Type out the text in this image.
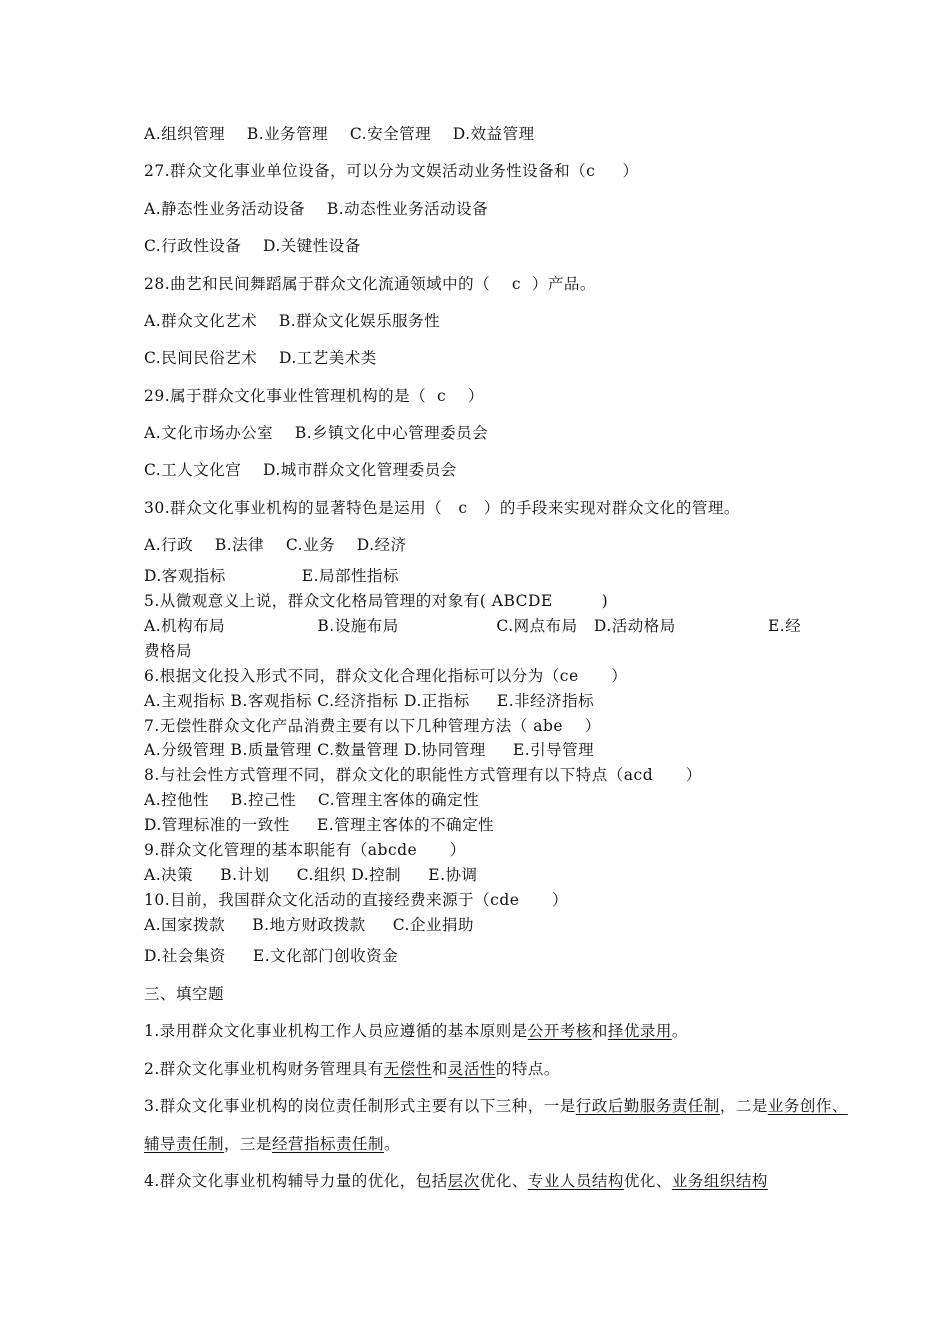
A.组织管理    B.业务管理    C.安全管理    D.效益管理
27.群众文化事业单位设备，可以分为文娱活动业务性设备和（c     ）
A.静态性业务活动设备    B.动态性业务活动设备
C.行政性设备    D.关键性设备
28.曲艺和民间舞蹈属于群众文化流通领域中的（    c  ）产品。
A.群众文化艺术    B.群众文化娱乐服务性
C.民间民俗艺术    D.工艺美术类
29.属于群众文化事业性管理机构的是（  c    ）
A.文化市场办公室    B.乡镇文化中心管理委员会
C.工人文化宫    D.城市群众文化管理委员会
30.群众文化事业机构的显著特色是运用（   c   ）的手段来实现对群众文化的管理。
A.行政    B.法律    C.业务    D.经济
D.客观指标              E.局部性指标
5.从微观意义上说，群众文化格局管理的对象有( ABCDE         )
A.机构布局                 B.设施布局                  C.网点布局   D.活动格局                 E.经
费格局
6.根据文化投入形式不同，群众文化合理化指标可以分为（ce      ）
A.主观指标 B.客观指标 C.经济指标 D.正指标     E.非经济指标
7.无偿性群众文化产品消费主要有以下几种管理方法（ abe    ）
A.分级管理 B.质量管理 C.数量管理 D.协同管理     E.引导管理
8.与社会性方式管理不同，群众文化的职能性方式管理有以下特点（acd      ）
A.控他性    B.控己性    C.管理主客体的确定性
D.管理标准的一致性     E.管理主客体的不确定性
9.群众文化管理的基本职能有（abcde      ）
A.决策     B.计划     C.组织 D.控制     E.协调
10.目前，我国群众文化活动的直接经费来源于（cde      ）
A.国家拨款     B.地方财政拨款     C.企业捐助
D.社会集资     E.文化部门创收资金
三、填空题
1.录用群众文化事业机构工作人员应遵循的基本原则是公开考核和择优录用。
2.群众文化事业机构财务管理具有无偿性和灵活性的特点。
3.群众文化事业机构的岗位责任制形式主要有以下三种，一是行政后勤服务责任制，二是业务创作、
辅导责任制，三是经营指标责任制。
4.群众文化事业机构辅导力量的优化，包括层次优化、专业人员结构优化、业务组织结构
